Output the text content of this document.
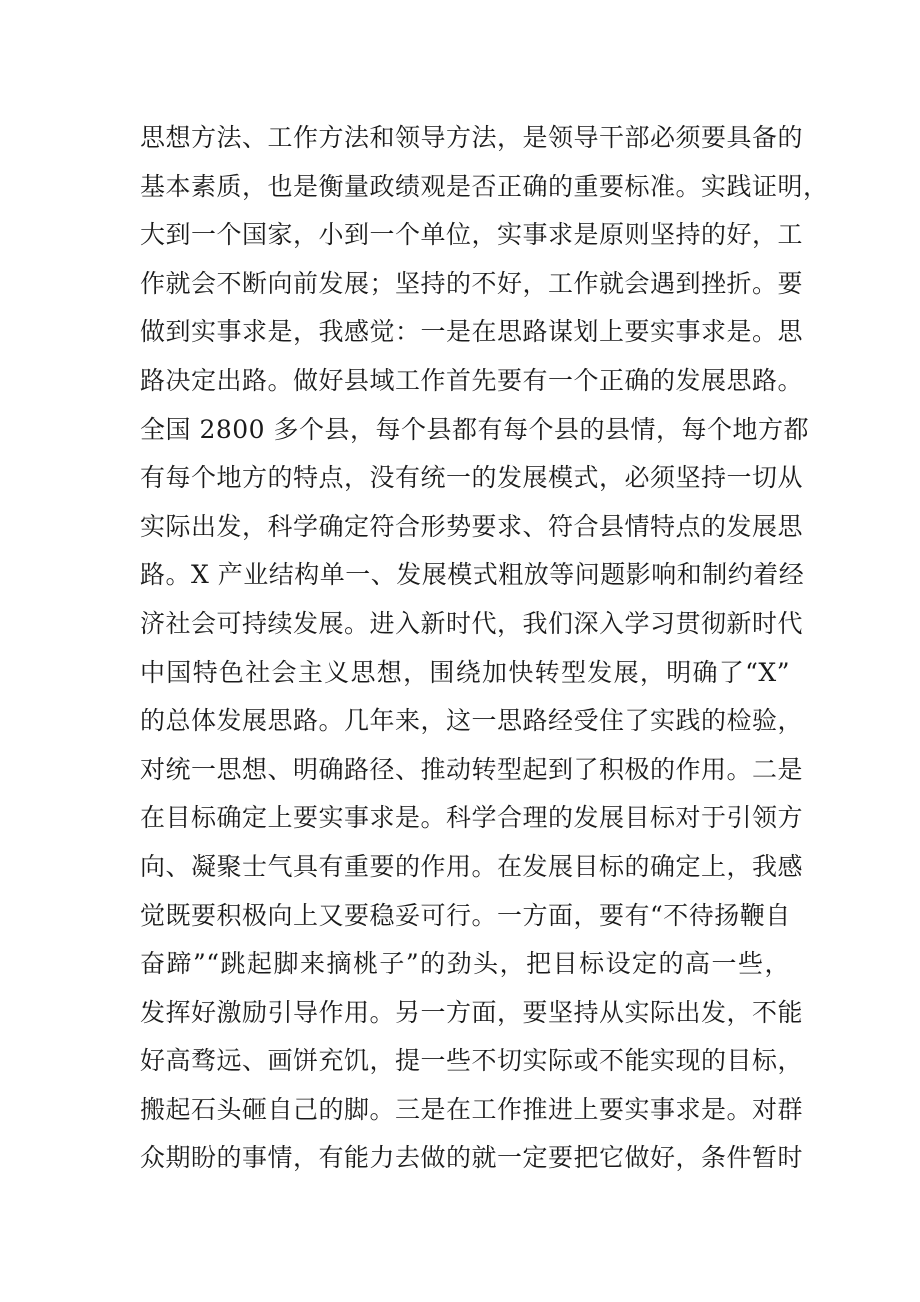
思想方法、工作方法和领导方法，是领导干部必须要具备的
基本素质，也是衡量政绩观是否正确的重要标准。实践证明，
大到一个国家，小到一个单位，实事求是原则坚持的好，工
作就会不断向前发展；坚持的不好，工作就会遇到挫折。要
做到实事求是，我感觉：一是在思路谋划上要实事求是。思
路决定出路。做好县域工作首先要有一个正确的发展思路。
全国 2800 多个县，每个县都有每个县的县情，每个地方都
有每个地方的特点，没有统一的发展模式，必须坚持一切从
实际出发，科学确定符合形势要求、符合县情特点的发展思
路。X 产业结构单一、发展模式粗放等问题影响和制约着经
济社会可持续发展。进入新时代，我们深入学习贯彻新时代
中国特色社会主义思想，围绕加快转型发展，明确了“X”
的总体发展思路。几年来，这一思路经受住了实践的检验，
对统一思想、明确路径、推动转型起到了积极的作用。二是
在目标确定上要实事求是。科学合理的发展目标对于引领方
向、凝聚士气具有重要的作用。在发展目标的确定上，我感
觉既要积极向上又要稳妥可行。一方面，要有“不待扬鞭自
奋蹄”“跳起脚来摘桃子”的劲头，把目标设定的高一些，
发挥好激励引导作用。另一方面，要坚持从实际出发，不能
好高骛远、画饼充饥，提一些不切实际或不能实现的目标，
搬起石头砸自己的脚。三是在工作推进上要实事求是。对群
众期盼的事情，有能力去做的就一定要把它做好，条件暂时
